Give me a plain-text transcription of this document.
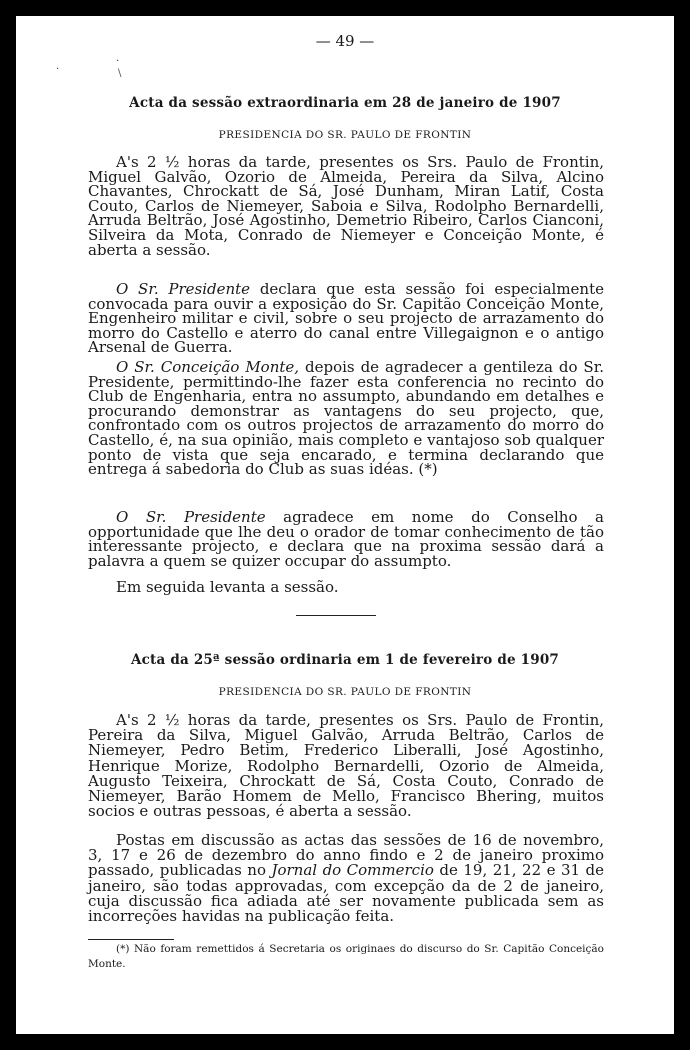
— 49 —
·
·	\
Acta da sessão extraordinaria em 28 de janeiro de 1907
PRESIDENCIA DO SR. PAULO DE FRONTIN

A's 2 ½ horas da tarde, presentes os Srs. Paulo de Frontin, Miguel Galvão, Ozorio de Almeida, Pereira da Silva, Alcino Chavantes, Chrockatt de Sá, José Dunham, Miran Latif, Costa Couto, Carlos de Niemeyer, Saboia e Silva, Rodolpho Bernardelli, Arruda Beltrão, José Agostinho, Demetrio Ribeiro, Carlos Cianconi, Silveira da Mota, Conrado de Niemeyer e Conceição Monte, é aberta a sessão.

O Sr. Presidente declara que esta sessão foi especialmente convocada para ouvir a exposição do Sr. Capitão Conceição Monte, Engenheiro militar e civil, sobre o seu projecto de arrazamento do morro do Castello e aterro do canal entre Villegaignon e o antigo Arsenal de Guerra.

O Sr. Conceição Monte, depois de agradecer a gentileza do Sr. Presidente, permittindo-lhe fazer esta conferencia no recinto do Club de Engenharia, entra no assumpto, abundando em detalhes e procurando demonstrar as vantagens do seu projecto, que, confrontado com os outros projectos de arrazamento do morro do Castello, é, na sua opinião, mais completo e vantajoso sob qualquer ponto de vista que seja encarado, e termina declarando que entrega á sabedoria do Club as suas idéas. (*)

O Sr. Presidente agradece em nome do Conselho a opportunidade que lhe deu o orador de tomar conhecimento de tão interessante projecto, e declara que na proxima sessão dará a palavra a quem se quizer occupar do assumpto.

Em seguida levanta a sessão.

Acta da 25ª sessão ordinaria em 1 de fevereiro de 1907
PRESIDENCIA DO SR. PAULO DE FRONTIN

A's 2 ½ horas da tarde, presentes os Srs. Paulo de Frontin, Pereira da Silva, Miguel Galvão, Arruda Beltrão, Carlos de Niemeyer, Pedro Betim, Frederico Liberalli, José Agostinho, Henrique Morize, Rodolpho Bernardelli, Ozorio de Almeida, Augusto Teixeira, Chrockatt de Sá, Costa Couto, Conrado de Niemeyer, Barão Homem de Mello, Francisco Bhering, muitos socios e outras pessoas, é aberta a sessão.

Postas em discussão as actas das sessões de 16 de novembro, 3, 17 e 26 de dezembro do anno findo e 2 de janeiro proximo passado, publicadas no Jornal do Commercio de 19, 21, 22 e 31 de janeiro, são todas approvadas, com excepção da de 2 de janeiro, cuja discussão fica adiada até ser novamente publicada sem as incorreções havidas na publicação feita.

(*) Não foram remettidos á Secretaria os originaes do discurso do Sr. Capitão Conceição Monte.
